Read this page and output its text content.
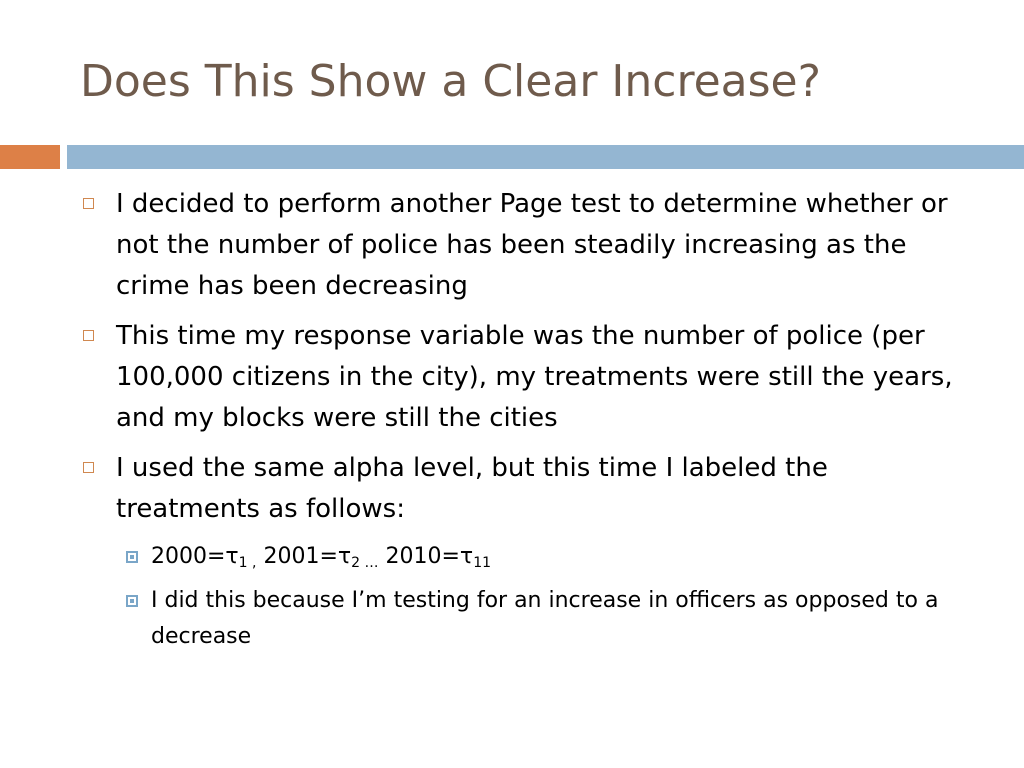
Does This Show a Clear Increase?
I decided to perform another Page test to determine whether or not the number of police has been steadily increasing as the crime has been decreasing
This time my response variable was the number of police (per 100,000 citizens in the city), my treatments were still the years, and my blocks were still the cities
I used the same alpha level, but this time I labeled the treatments as follows:
$2000=\tau_{1 ,}$ $2001=\tau_{2 \dots}$ $2010=\tau_{11}$
I did this because I’m testing for an increase in officers as opposed to a decrease
